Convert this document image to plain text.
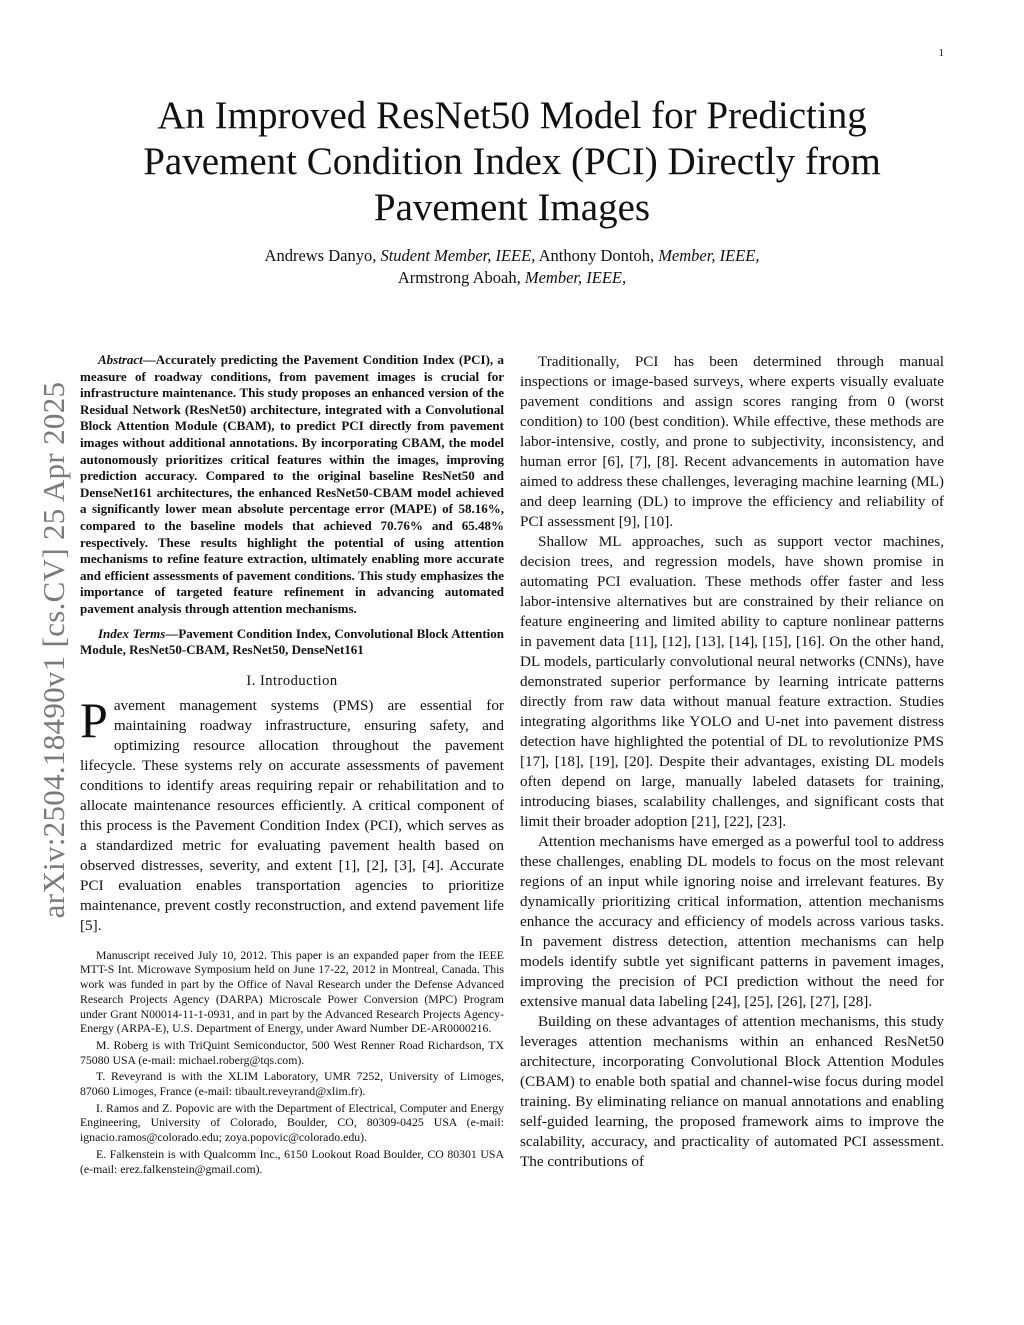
1
arXiv:2504.18490v1 [cs.CV] 25 Apr 2025
An Improved ResNet50 Model for Predicting Pavement Condition Index (PCI) Directly from Pavement Images
Andrews Danyo, Student Member, IEEE, Anthony Dontoh, Member, IEEE,
Armstrong Aboah, Member, IEEE,

Abstract—Accurately predicting the Pavement Condition Index (PCI), a measure of roadway conditions, from pavement images is crucial for infrastructure maintenance. This study proposes an enhanced version of the Residual Network (ResNet50) architecture, integrated with a Convolutional Block Attention Module (CBAM), to predict PCI directly from pavement images without additional annotations. By incorporating CBAM, the model autonomously prioritizes critical features within the images, improving prediction accuracy. Compared to the original baseline ResNet50 and DenseNet161 architectures, the enhanced ResNet50-CBAM model achieved a significantly lower mean absolute percentage error (MAPE) of 58.16%, compared to the baseline models that achieved 70.76% and 65.48% respectively. These results highlight the potential of using attention mechanisms to refine feature extraction, ultimately enabling more accurate and efficient assessments of pavement conditions. This study emphasizes the importance of targeted feature refinement in advancing automated pavement analysis through attention mechanisms.

Index Terms—Pavement Condition Index, Convolutional Block Attention Module, ResNet50-CBAM, ResNet50, DenseNet161

I. Introduction

Pavement management systems (PMS) are essential for maintaining roadway infrastructure, ensuring safety, and optimizing resource allocation throughout the pavement lifecycle. These systems rely on accurate assessments of pavement conditions to identify areas requiring repair or rehabilitation and to allocate maintenance resources efficiently. A critical component of this process is the Pavement Condition Index (PCI), which serves as a standardized metric for evaluating pavement health based on observed distresses, severity, and extent [1], [2], [3], [4]. Accurate PCI evaluation enables transportation agencies to prioritize maintenance, prevent costly reconstruction, and extend pavement life [5].

Manuscript received July 10, 2012. This paper is an expanded paper from the IEEE MTT-S Int. Microwave Symposium held on June 17-22, 2012 in Montreal, Canada. This work was funded in part by the Office of Naval Research under the Defense Advanced Research Projects Agency (DARPA) Microscale Power Conversion (MPC) Program under Grant N00014-11-1-0931, and in part by the Advanced Research Projects Agency-Energy (ARPA-E), U.S. Department of Energy, under Award Number DE-AR0000216.

M. Roberg is with TriQuint Semiconductor, 500 West Renner Road Richardson, TX 75080 USA (e-mail: michael.roberg@tqs.com).

T. Reveyrand is with the XLIM Laboratory, UMR 7252, University of Limoges, 87060 Limoges, France (e-mail: tibault.reveyrand@xlim.fr).

I. Ramos and Z. Popovic are with the Department of Electrical, Computer and Energy Engineering, University of Colorado, Boulder, CO, 80309-0425 USA (e-mail: ignacio.ramos@colorado.edu; zoya.popovic@colorado.edu).

E. Falkenstein is with Qualcomm Inc., 6150 Lookout Road Boulder, CO 80301 USA (e-mail: erez.falkenstein@gmail.com).

Traditionally, PCI has been determined through manual inspections or image-based surveys, where experts visually evaluate pavement conditions and assign scores ranging from 0 (worst condition) to 100 (best condition). While effective, these methods are labor-intensive, costly, and prone to subjectivity, inconsistency, and human error [6], [7], [8]. Recent advancements in automation have aimed to address these challenges, leveraging machine learning (ML) and deep learning (DL) to improve the efficiency and reliability of PCI assessment [9], [10].

Shallow ML approaches, such as support vector machines, decision trees, and regression models, have shown promise in automating PCI evaluation. These methods offer faster and less labor-intensive alternatives but are constrained by their reliance on feature engineering and limited ability to capture nonlinear patterns in pavement data [11], [12], [13], [14], [15], [16]. On the other hand, DL models, particularly convolutional neural networks (CNNs), have demonstrated superior performance by learning intricate patterns directly from raw data without manual feature extraction. Studies integrating algorithms like YOLO and U-net into pavement distress detection have highlighted the potential of DL to revolutionize PMS [17], [18], [19], [20]. Despite their advantages, existing DL models often depend on large, manually labeled datasets for training, introducing biases, scalability challenges, and significant costs that limit their broader adoption [21], [22], [23].

Attention mechanisms have emerged as a powerful tool to address these challenges, enabling DL models to focus on the most relevant regions of an input while ignoring noise and irrelevant features. By dynamically prioritizing critical information, attention mechanisms enhance the accuracy and efficiency of models across various tasks. In pavement distress detection, attention mechanisms can help models identify subtle yet significant patterns in pavement images, improving the precision of PCI prediction without the need for extensive manual data labeling [24], [25], [26], [27], [28].

Building on these advantages of attention mechanisms, this study leverages attention mechanisms within an enhanced ResNet50 architecture, incorporating Convolutional Block Attention Modules (CBAM) to enable both spatial and channel-wise focus during model training. By eliminating reliance on manual annotations and enabling self-guided learning, the proposed framework aims to improve the scalability, accuracy, and practicality of automated PCI assessment. The contributions of
